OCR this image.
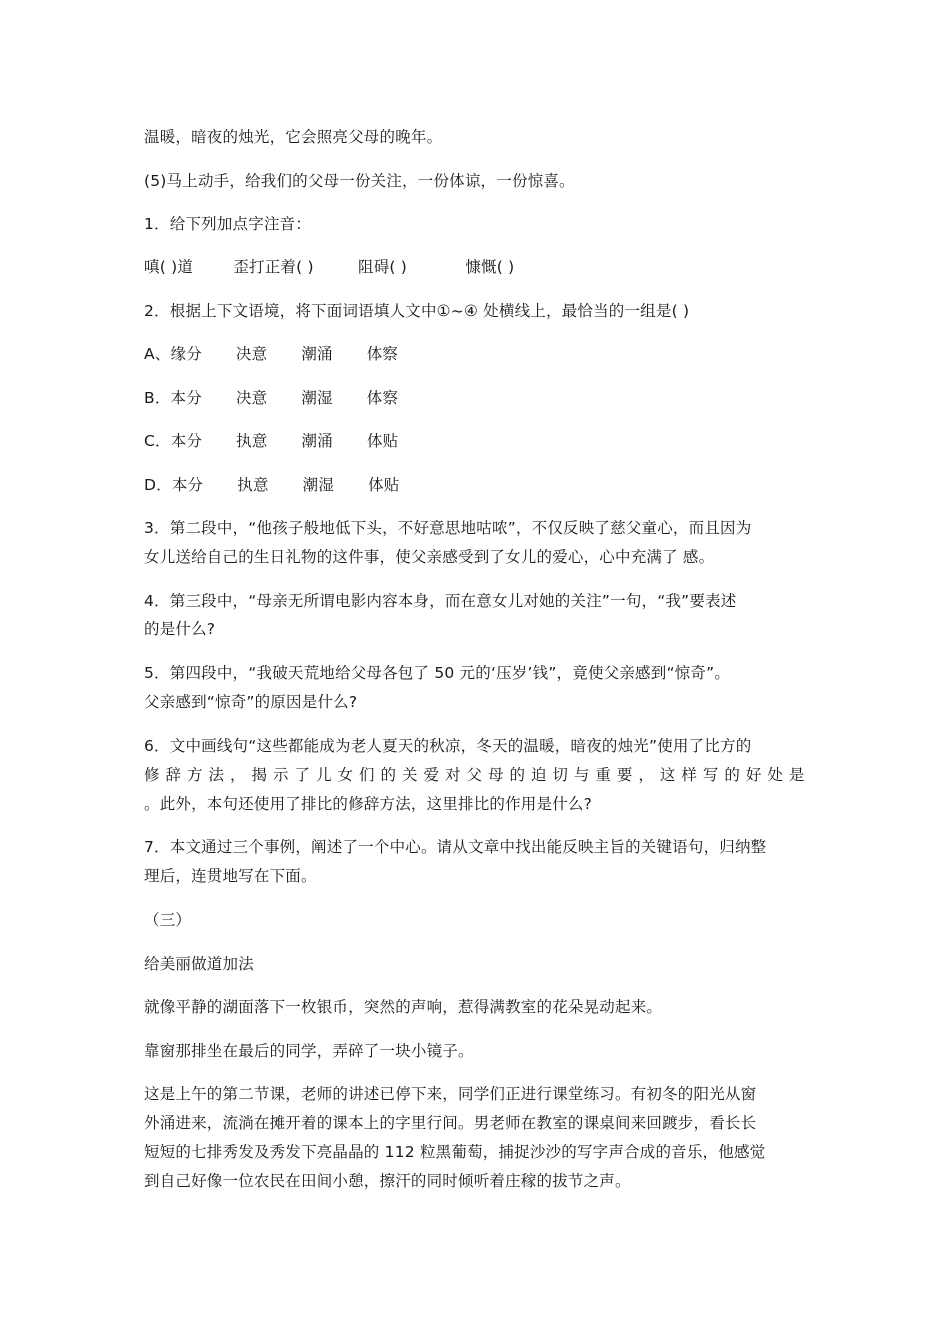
温暖，暗夜的烛光，它会照亮父母的晚年。
(5)马上动手，给我们的父母一份关注，一份体谅，一份惊喜。
1．给下列加点字注音：
嗔( )道	歪打正着( )	阻碍( )	慷慨( )
2．根据上下文语境，将下面词语填人文中①~④ 处横线上，最恰当的一组是( )
A、缘分 决意 潮涌 体察
B．本分 决意 潮湿 体察
C．本分 执意 潮涌 体贴
D．本分 执意 潮湿 体贴
3．第二段中，“他孩子般地低下头，不好意思地咕哝”，不仅反映了慈父童心，而且因为
女儿送给自己的生日礼物的这件事，使父亲感受到了女儿的爱心，心中充满了 感。
4．第三段中，“母亲无所谓电影内容本身，而在意女儿对她的关注”一句，“我”要表述
的是什么?
5．第四段中，“我破天荒地给父母各包了 50 元的‘压岁’钱”，竟使父亲感到“惊奇”。
父亲感到“惊奇”的原因是什么?
6．文中画线句“这些都能成为老人夏天的秋凉，冬天的温暖，暗夜的烛光”使用了比方的
修辞方法，揭示了儿女们的关爱对父母的迫切与重要，这样写的好处是
。此外，本句还使用了排比的修辞方法，这里排比的作用是什么?
7．本文通过三个事例，阐述了一个中心。请从文章中找出能反映主旨的关键语句，归纳整
理后，连贯地写在下面。
（三）
给美丽做道加法
就像平静的湖面落下一枚银币，突然的声响，惹得满教室的花朵晃动起来。
靠窗那排坐在最后的同学，弄碎了一块小镜子。
这是上午的第二节课，老师的讲述已停下来，同学们正进行课堂练习。有初冬的阳光从窗
外涌进来，流淌在摊开着的课本上的字里行间。男老师在教室的课桌间来回踱步，看长长
短短的七排秀发及秀发下亮晶晶的 112 粒黑葡萄，捕捉沙沙的写字声合成的音乐，他感觉
到自己好像一位农民在田间小憩，擦汗的同时倾听着庄稼的拔节之声。
